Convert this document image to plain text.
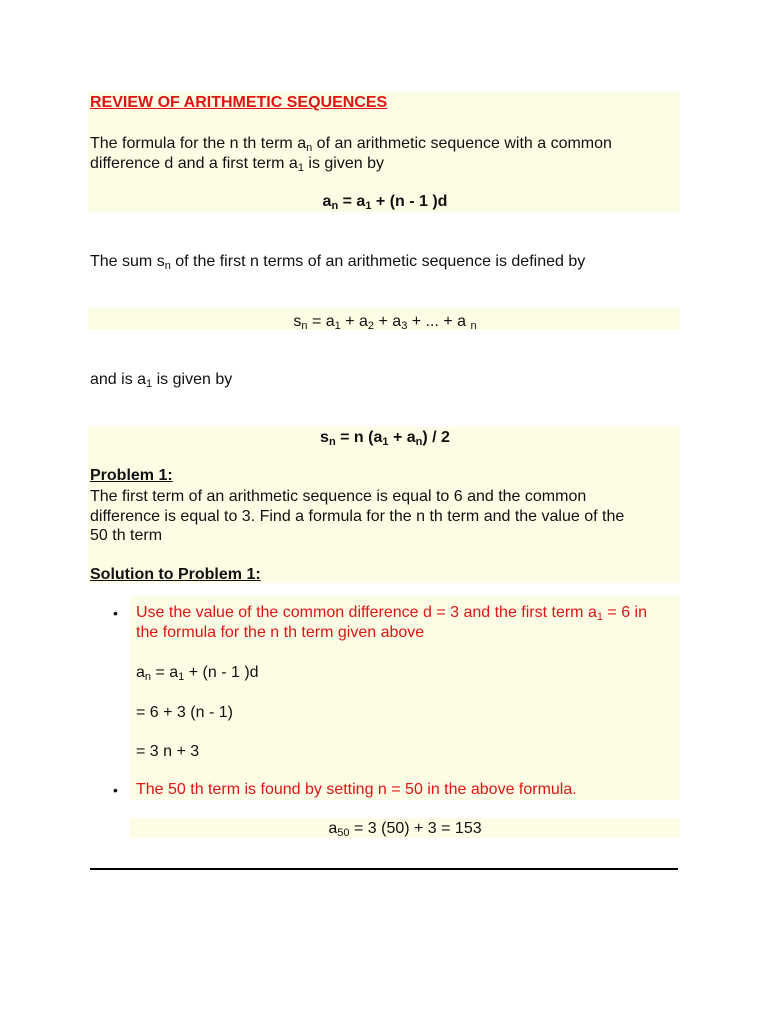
REVIEW OF ARITHMETIC SEQUENCES
The formula for the n th term $a_n$ of an arithmetic sequence with a common
difference d and a first term $a_1$ is given by
$a_n = a_1 + (n - 1$ )d
The sum $s_n$ of the first n terms of an arithmetic sequence is defined by
$s_n = a_1 + a_2 + a_3$ + ... + a $_n$
and is $a_1$ is given by
$s_n = n$ $(a_1 + a_n) / 2$
Problem 1:
The first term of an arithmetic sequence is equal to 6 and the common
difference is equal to 3. Find a formula for the n th term and the value of the
50 th term
Solution to Problem 1:
• Use the value of the common difference d = 3 and the first term $a_1 = 6$ in
the formula for the n th term given above
$a_n = a_1 + (n - 1$ )d
= 6 + 3 (n - 1)
= 3 n + 3
• The 50 th term is found by setting n = 50 in the above formula.
$a_{50} = 3$ (50) + 3 = 153
